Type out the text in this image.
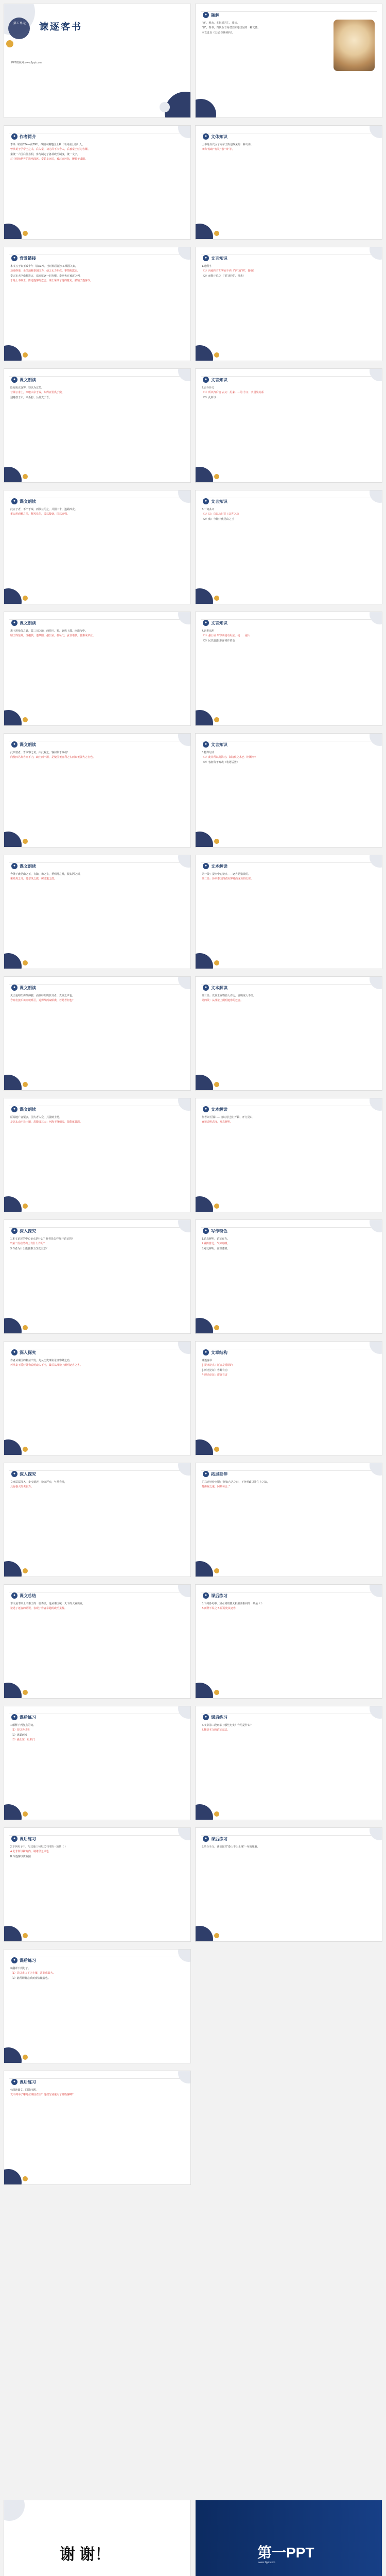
第五单元 谏逐客书
PPT模板网:www.1ppt.com
● 题解

“谏”，规劝，多指对君主、尊长。

“书”，奏书，古代臣子向君主陈述政见的一种文体。

本文选自《史记·李斯列传》。

谢 谢！	第一PPT
www.1ppt.com
● 作者简介

李斯（约前284—前208），战国末期楚国上蔡（今河南上蔡）人。

曾从荀子学帝王之术，后入秦，初为吕不韦舍人，后被秦王任为客卿。

秦统一六国后任丞相，参与制定了各项政治制度，统一文字，

对中国和世界的影响深远。秦始皇死后，被赵高诬陷，腰斩于咸阳。

● 背景链接

本文写于秦王政十年（前237）。当时韩国派水工郑国入秦，

劝秦修渠，企图消耗秦国国力，使之无力东伐。事情败露后，

秦宗室大臣借机进言，请求驱逐一切客卿。李斯也在被逐之列，

于是上书秦王，陈述逐客的危害。秦王采纳了他的意见，撤销了逐客令。

● 课文朗读

臣闻吏议逐客，窃以为过矣。

昔缪公求士，西取由余于戎，东得百里奚于宛，

迎蹇叔于宋，来丕豹、公孙支于晋。

● 课文朗读

此五子者，不产于秦，而缪公用之，并国二十，遂霸西戎。

孝公用商鞅之法，移风易俗，民以殷盛，国以富强。

● 课文朗读

惠王用张仪之计，拔三川之地，西并巴、蜀，北收上郡，南取汉中。

昭王得范雎，废穰侯，逐华阳，强公室，杜私门，蚕食诸侯，使秦成帝业。

● 课文朗读

此四君者，皆以客之功。由此观之，客何负于秦哉！

向使四君却客而不内，疏士而不用，是使国无富利之实而秦无强大之名也。

● 课文朗读

今陛下致昆山之玉，有随、和之宝，垂明月之珠，服太阿之剑，

乘纤离之马，建翠凤之旗，树灵鼍之鼓。

● 课文朗读

夫击瓮叩缶弹筝搏髀，而歌呼呜呜快耳者，真秦之声也。

今弃击瓮叩缶而就郑卫，退弹筝而取昭虞，若是者何也？

● 课文朗读

臣闻地广者粟多，国大者人众，兵强则士勇。

是以太山不让土壤，故能成其大；河海不择细流，故能就其深。

● 深入探究

1.本文论述的中心论点是什么？作者是怎样展开论证的？

2.第二段在结构上有什么作用？

3.作者为什么能使秦王改变主意？

● 深入探究

作者从秦国的利益出发，先从历史事实论证客卿之功，

再从秦王爱好外物说明取人不当，最后从理论上阐明逐客之害。

● 深入探究

文章层层深入，步步逼近，论证严密，气势充沛，

具有强大的说服力。

● 课文总结

本文是李斯上书秦王的一篇奏议，他从秦国统一天下的大业出发，

论述了逐客的错误，表现了作者卓越的政治见解。

● 课后练习

1.解释下列加点的词。

（1）窃以为过矣

（2）遂霸西戎

（3）强公室，杜私门

● 课后练习

2.下列句子中，与其他三句句式不同的一项是（ ）

A.此非所以跨海内、制诸侯之术也

B.今逐客以资敌国

● 课后练习

3.翻译下列句子。

（1）是以太山不让土壤，故能成其大。

（2）此所谓藉寇兵而赍盗粮者也。

● 课后练习

4.阅读课文，回答问题。

文中列举了哪几位秦国君主？他们分别重用了哪些客卿？

● 文体知识

上书是古代臣子向帝王陈述政见的一种文体，

又称“奏疏”“奏议”“表”“章”等。

● 文言知识

1.通假字

（1）向使四君却客而不内（“内”通“纳”，接纳）

（2）而陛下说之（“说”通“悦”，喜欢）

● 文言知识

2.古今异义

（1）所以饰后宫 古义：用来……的 今义：表因果关系

（2）此所以……

● 文言知识

3.一词多义

（1）以：窃以为过矣 / 以客之功

（2）致：今陛下致昆山之玉

● 文言知识

4.词类活用

（1）强公室 形容词使动用法，使……强大

（2）民以殷盛 形容词作谓语

● 文言知识

5.特殊句式

（1）此非所以跨海内、制诸侯之术也（判断句）

（2）客何负于秦哉（状语后置）

● 文本解读

第一段：提出中心论点——逐客是错误的。

第二段：历举秦国四君用客卿而成功的史实。

● 文本解读

第三段：以秦王重物轻人作比，说明取人不当。

第四段：从理论上阐明逐客的危害。

● 文本解读

作者以“臣闻……窃以为过矣”开篇，开门见山，

直接表明态度，观点鲜明。

● 写作特色

1.论点鲜明，论证有力。

2.铺陈排比，气势磅礴。

3.对比鲜明，说理透彻。

● 文章结构

谏逐客书

├ 提出论点：逐客是错误的

├ 历史论证：客卿有功

└ 理论论证：逐客有害

● 拓展延伸

司马迁评价李斯：“斯知六艺之归，不务明政以补主上之缺，

持爵禄之重，阿顺苟合。”

● 课后练习

5.下列各句中，加点词的意义和用法相同的一项是（ ）

A.而陛下说之 B.臣闻吏议逐客

● 课后练习

6.文章第二段列举了哪些史实？作用是什么？

7.概括本文的论证方法。

● 课后练习

8.结合全文，谈谈你对“泰山不让土壤”一句的理解。
